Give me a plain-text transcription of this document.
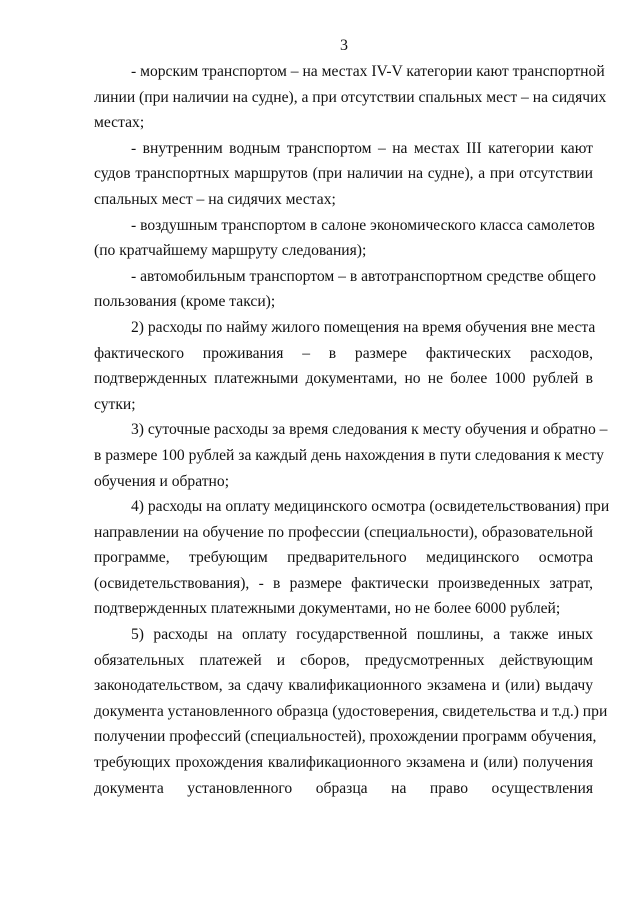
3
- морским транспортом – на местах IV-V категории кают транспортной
линии (при наличии на судне), а при отсутствии спальных мест – на сидячих
местах;
- внутренним водным транспортом – на местах III категории кают
судов транспортных маршрутов (при наличии на судне), а при отсутствии
спальных мест – на сидячих местах;
- воздушным транспортом в салоне экономического класса самолетов
(по кратчайшему маршруту следования);
- автомобильным транспортом – в автотранспортном средстве общего
пользования (кроме такси);
2) расходы по найму жилого помещения на время обучения вне места
фактического проживания – в размере фактических расходов,
подтвержденных платежными документами, но не более 1000 рублей в
сутки;
3) суточные расходы за время следования к месту обучения и обратно –
в размере 100 рублей за каждый день нахождения в пути следования к месту
обучения и обратно;
4) расходы на оплату медицинского осмотра (освидетельствования) при
направлении на обучение по профессии (специальности), образовательной
программе, требующим предварительного медицинского осмотра
(освидетельствования), - в размере фактически произведенных затрат,
подтвержденных платежными документами, но не более 6000 рублей;
5) расходы на оплату государственной пошлины, а также иных
обязательных платежей и сборов, предусмотренных действующим
законодательством, за сдачу квалификационного экзамена и (или) выдачу
документа установленного образца (удостоверения, свидетельства и т.д.) при
получении профессий (специальностей), прохождении программ обучения,
требующих прохождения квалификационного экзамена и (или) получения
документа установленного образца на право осуществления
